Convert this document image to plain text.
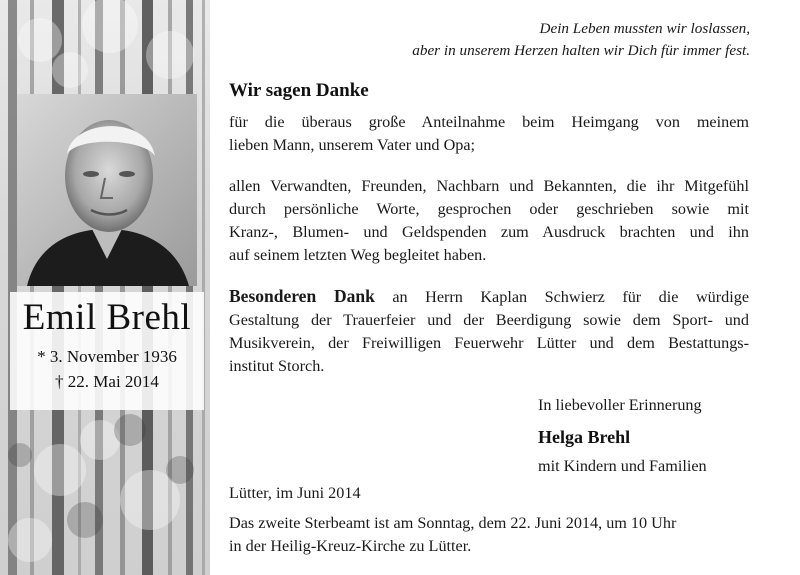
Emil Brehl
* 3. November 1936
† 22. Mai 2014
Dein Leben mussten wir loslassen,
aber in unserem Herzen halten wir Dich für immer fest.
Wir sagen Danke
für die überaus große Anteilnahme beim Heimgang von meinem
lieben Mann, unserem Vater und Opa;
allen Verwandten, Freunden, Nachbarn und Bekannten, die ihr Mitgefühl
durch persönliche Worte, gesprochen oder geschrieben sowie mit
Kranz-, Blumen- und Geldspenden zum Ausdruck brachten und ihn
auf seinem letzten Weg begleitet haben.
Besonderen Dank an Herrn Kaplan Schwierz für die würdige
Gestaltung der Trauerfeier und der Beerdigung sowie dem Sport- und
Musikverein, der Freiwilligen Feuerwehr Lütter und dem Bestattungs-
institut Storch.
In liebevoller Erinnerung
Helga Brehl
mit Kindern und Familien
Lütter, im Juni 2014
Das zweite Sterbeamt ist am Sonntag, dem 22. Juni 2014, um 10 Uhr
in der Heilig-Kreuz-Kirche zu Lütter.
